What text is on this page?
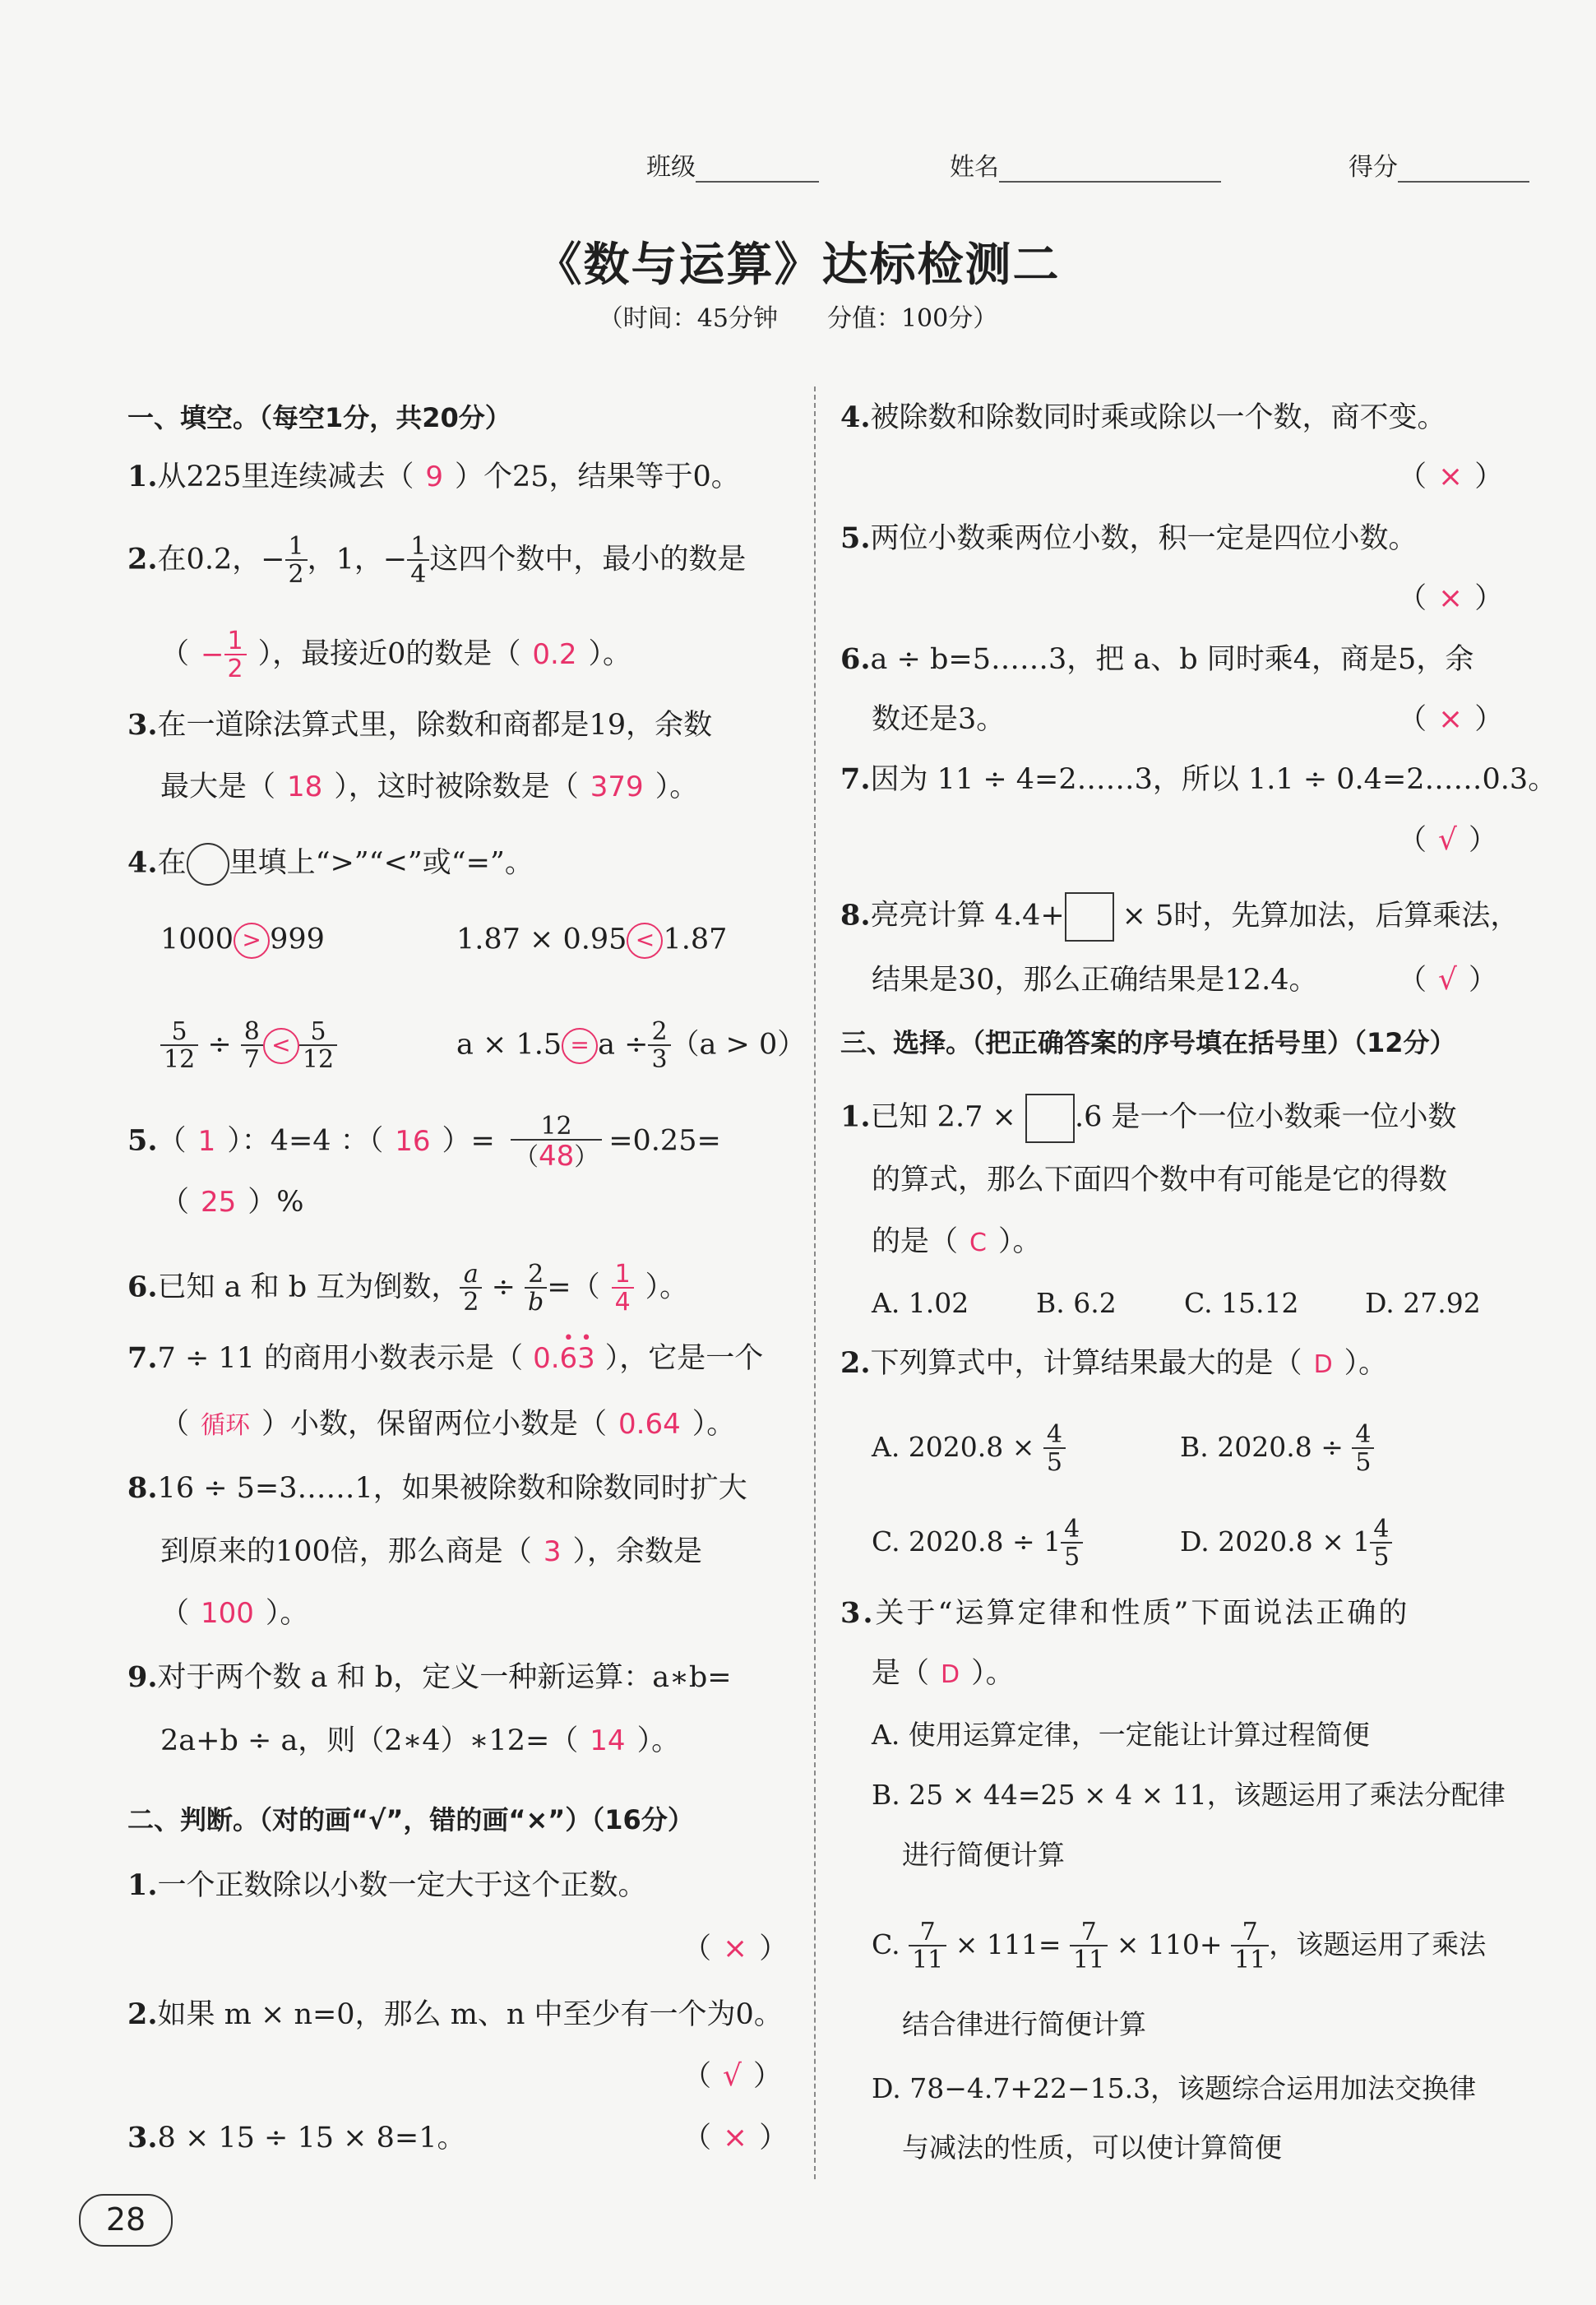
班级	姓名	得分
《数与运算》达标检测二
（时间：45分钟　　分值：100分）
一、填空。（每空1分，共20分）
1.从225里连续减去（ 9 ）个25，结果等于0。
2.在0.2，− $\frac{1}{2}$ ，1，− $\frac{1}{4}$ 这四个数中，最小的数是
（ − $\frac{1}{2}$ ），最接近0的数是（ 0.2 ）。
3.在一道除法算式里，除数和商都是19，余数
最大是（ 18 ），这时被除数是（ 379 ）。
4.在 里填上“>”“<”或“=”。
1000 > 999	1.87 × 0.95 < 1.87
$\frac{5}{12} \div \frac{8}{7} < \frac{5}{12}$	$a \times 1.5 = a \div \frac{2}{3} (a > 0)$
5.（ 1 ）：4=4 ：（ 16 ）= $\frac{12}{(48)} =0.25=$
（ 25 ）%
6.已知 a 和 b 互为倒数， $\frac{a}{2} \div \frac{2}{b}$ =（ $\frac{1}{4}$ ）。
7.7 ÷ 11 的商用小数表示是（ 0.• 6• 3 ），它是一个
（ 循环 ）小数，保留两位小数是（ 0.64 ）。
8.16 ÷ 5=3……1，如果被除数和除数同时扩大
到原来的100倍，那么商是（ 3 ），余数是
（ 100 ）。
9.对于两个数 a 和 b，定义一种新运算：a∗b=
2a+b ÷ a，则（2∗4）∗12=（ 14 ）。
二、判断。（对的画“√”，错的画“×”）（16分）
1.一个正数除以小数一定大于这个正数。
（ × ）
2.如果 m × n=0，那么 m、n 中至少有一个为0。
（ √ ）
3.8 × 15 ÷ 15 × 8=1。	（ × ）
4.被除数和除数同时乘或除以一个数，商不变。
（ × ）
5.两位小数乘两位小数，积一定是四位小数。
（ × ）
6.a ÷ b=5……3，把 a、b 同时乘4，商是5，余
数还是3。	（ × ）
7.因为 11 ÷ 4=2……3，所以 1.1 ÷ 0.4=2……0.3。
（ √ ）
8.亮亮计算 4.4+ × 5时，先算加法，后算乘法，
结果是30，那么正确结果是12.4。	（ √ ）
三、选择。（把正确答案的序号填在括号里）（12分）
1.已知 2.7 × .6 是一个一位小数乘一位小数
的算式，那么下面四个数中有可能是它的得数
的是（ C ）。
A. 1.02 B. 6.2 C. 15.12 D. 27.92
2.下列算式中，计算结果最大的是（ D ）。
A. $2020.8 \times \frac{4}{5}$	B. $2020.8 \div \frac{4}{5}$
C. $2020.8 \div 1 \frac{4}{5}$	D. $2020.8 \times 1 \frac{4}{5}$
3.关于“运算定律和性质”下面说法正确的
是（ D ）。
A. 使用运算定律，一定能让计算过程简便
B. 25 × 44=25 × 4 × 11，该题运用了乘法分配律
进行简便计算
C. $\frac{7}{11} \times 111= \frac{7}{11} \times 110+ \frac{7}{11}$ ，该题运用了乘法
结合律进行简便计算
D. 78−4.7+22−15.3，该题综合运用加法交换律
与减法的性质，可以使计算简便
28
